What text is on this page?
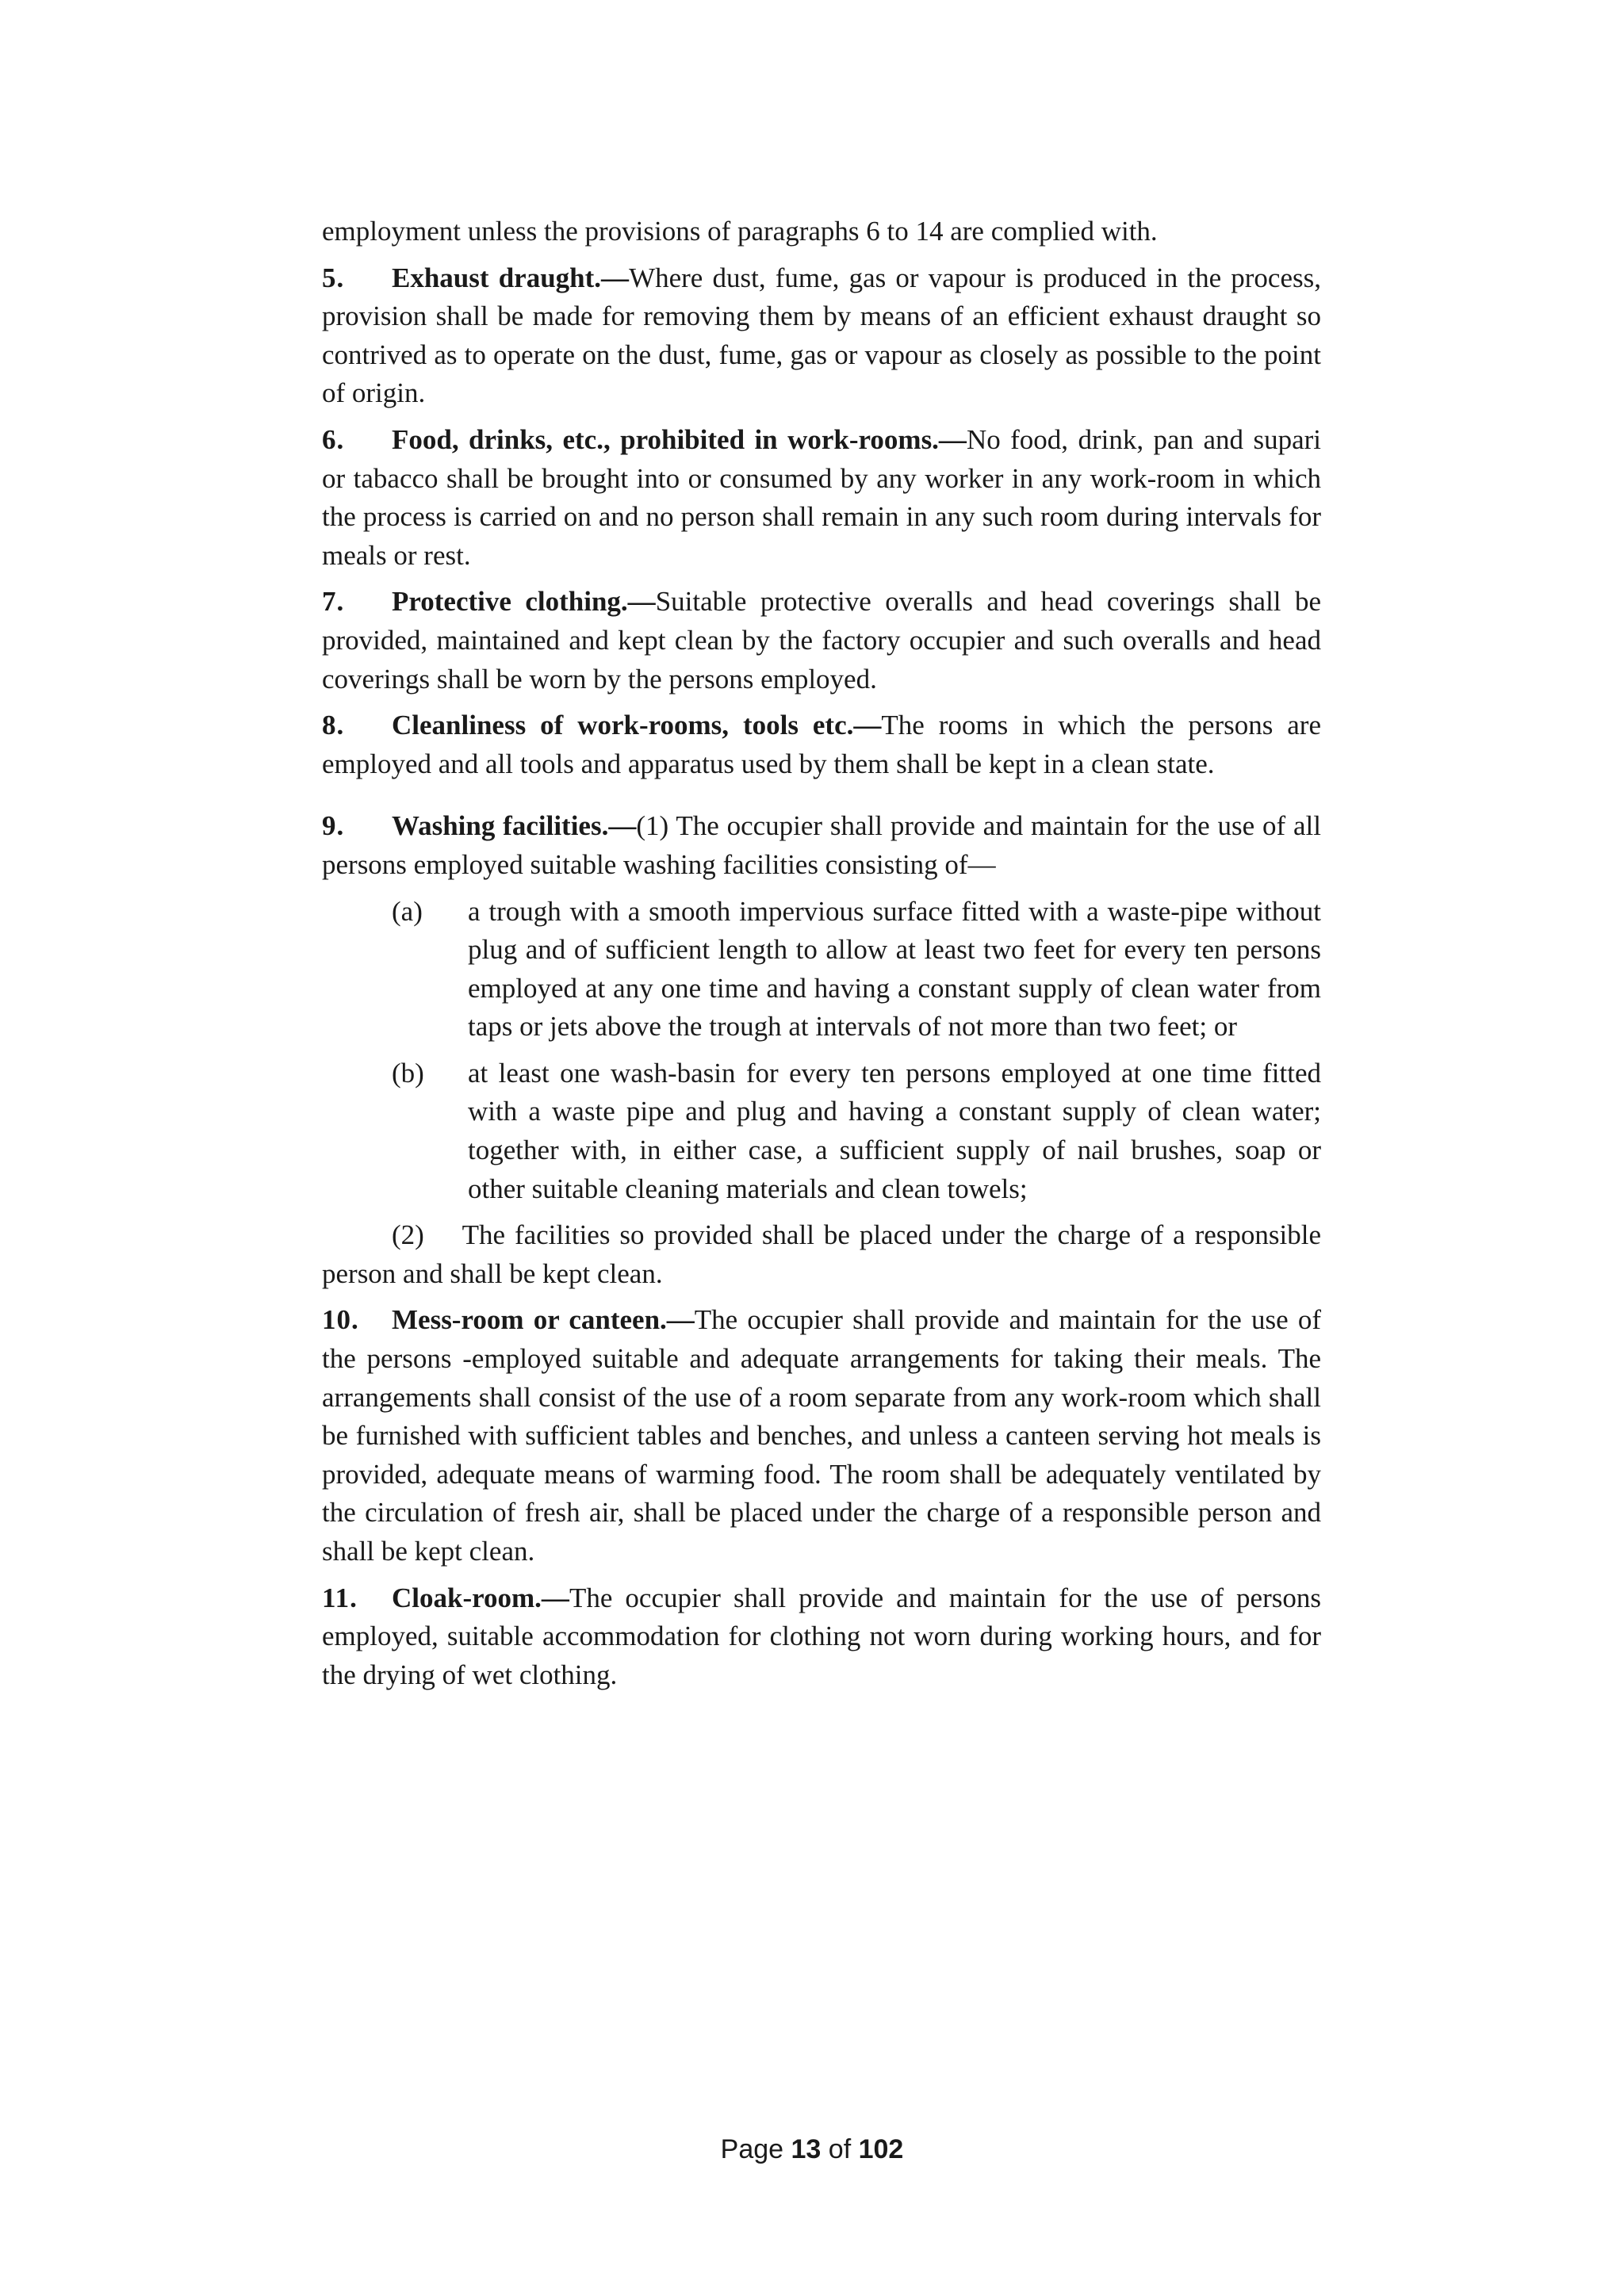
employment unless the provisions of paragraphs 6 to 14 are complied with.

5. Exhaust draught.—Where dust, fume, gas or vapour is produced in the process, provision shall be made for removing them by means of an efficient exhaust draught so contrived as to operate on the dust, fume, gas or vapour as closely as possible to the point of origin.

6. Food, drinks, etc., prohibited in work-rooms.—No food, drink, pan and supari or tabacco shall be brought into or consumed by any worker in any work-room in which the process is carried on and no person shall remain in any such room during intervals for meals or rest.

7. Protective clothing.—Suitable protective overalls and head coverings shall be provided, maintained and kept clean by the factory occupier and such overalls and head coverings shall be worn by the persons employed.

8. Cleanliness of work-rooms, tools etc.—The rooms in which the persons are employed and all tools and apparatus used by them shall be kept in a clean state.

9. Washing facilities.—(1) The occupier shall provide and maintain for the use of all persons employed suitable washing facilities consisting of—

(a)	a trough with a smooth impervious surface fitted with a waste-pipe without plug and of sufficient length to allow at least two feet for every ten persons employed at any one time and having a constant supply of clean water from taps or jets above the trough at intervals of not more than two feet; or
(b)	at least one wash-basin for every ten persons employed at one time fitted with a waste pipe and plug and having a constant supply of clean water; together with, in either case, a sufficient supply of nail brushes, soap or other suitable cleaning materials and clean towels;

(2) The facilities so provided shall be placed under the charge of a responsible person and shall be kept clean.

10. Mess-room or canteen.—The occupier shall provide and maintain for the use of the persons -employed suitable and adequate arrangements for taking their meals. The arrangements shall consist of the use of a room separate from any work-room which shall be furnished with sufficient tables and benches, and unless a canteen serving hot meals is provided, adequate means of warming food. The room shall be adequately ventilated by the circulation of fresh air, shall be placed under the charge of a responsible person and shall be kept clean.

11. Cloak-room.—The occupier shall provide and maintain for the use of persons employed, suitable accommodation for clothing not worn during working hours, and for the drying of wet clothing.

Page 13 of 102
